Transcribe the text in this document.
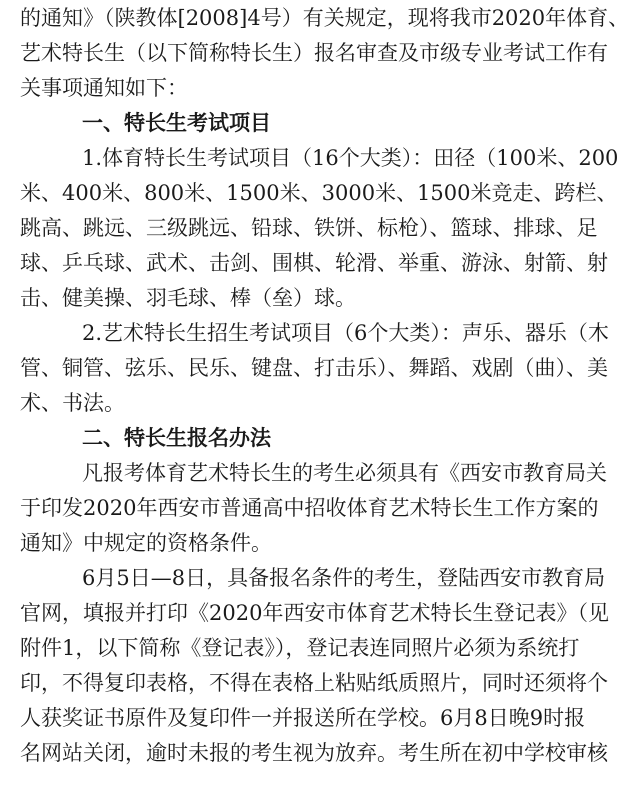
的通知》（陕教体[2008]4号）有关规定，现将我市2020年体育、
艺术特长生（以下简称特长生）报名审查及市级专业考试工作有
关事项通知如下：
一、特长生考试项目
1.体育特长生考试项目（16个大类）：田径（100米、200
米、400米、800米、1500米、3000米、1500米竞走、跨栏、
跳高、跳远、三级跳远、铅球、铁饼、标枪）、篮球、排球、足
球、乒乓球、武术、击剑、围棋、轮滑、举重、游泳、射箭、射
击、健美操、羽毛球、棒（垒）球。
2.艺术特长生招生考试项目（6个大类）：声乐、器乐（木
管、铜管、弦乐、民乐、键盘、打击乐）、舞蹈、戏剧（曲）、美
术、书法。
二、特长生报名办法
凡报考体育艺术特长生的考生必须具有《西安市教育局关
于印发2020年西安市普通高中招收体育艺术特长生工作方案的
通知》中规定的资格条件。
6月5日—8日，具备报名条件的考生，登陆西安市教育局
官网，填报并打印《2020年西安市体育艺术特长生登记表》（见
附件1，以下简称《登记表》），登记表连同照片必须为系统打
印，不得复印表格，不得在表格上粘贴纸质照片，同时还须将个
人获奖证书原件及复印件一并报送所在学校。6月8日晚9时报
名网站关闭，逾时未报的考生视为放弃。考生所在初中学校审核
